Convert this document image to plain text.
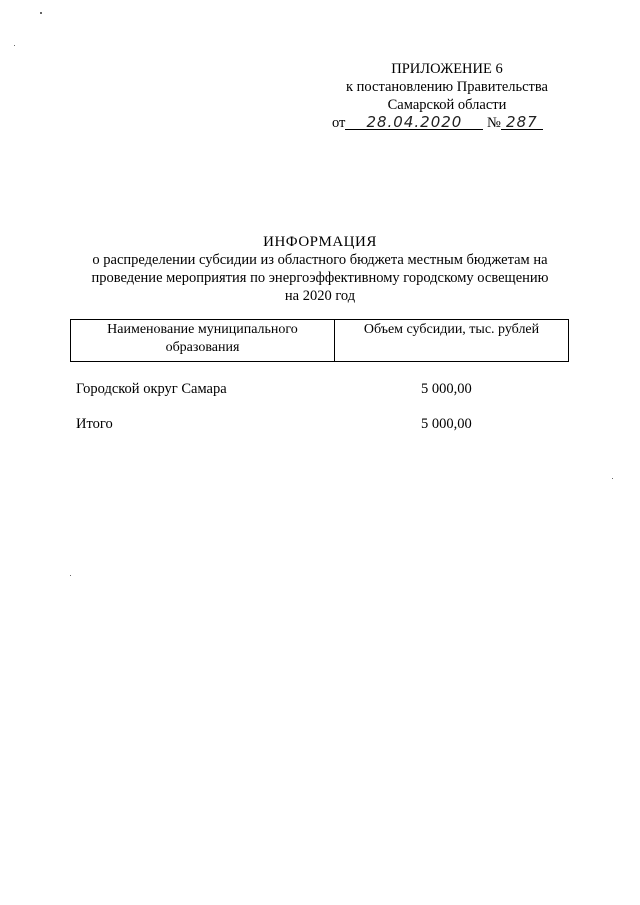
ПРИЛОЖЕНИЕ 6
к постановлению Правительства
Самарской области
от 28.04.2020 № 287
ИНФОРМАЦИЯ
о распределении субсидии из областного бюджета местным бюджетам на
проведение мероприятия по энергоэффективному городскому освещению
на 2020 год
Наименование муниципального образования	Объем субсидии, тыс. рублей
Городской округ Самара	5 000,00
Итого	5 000,00
